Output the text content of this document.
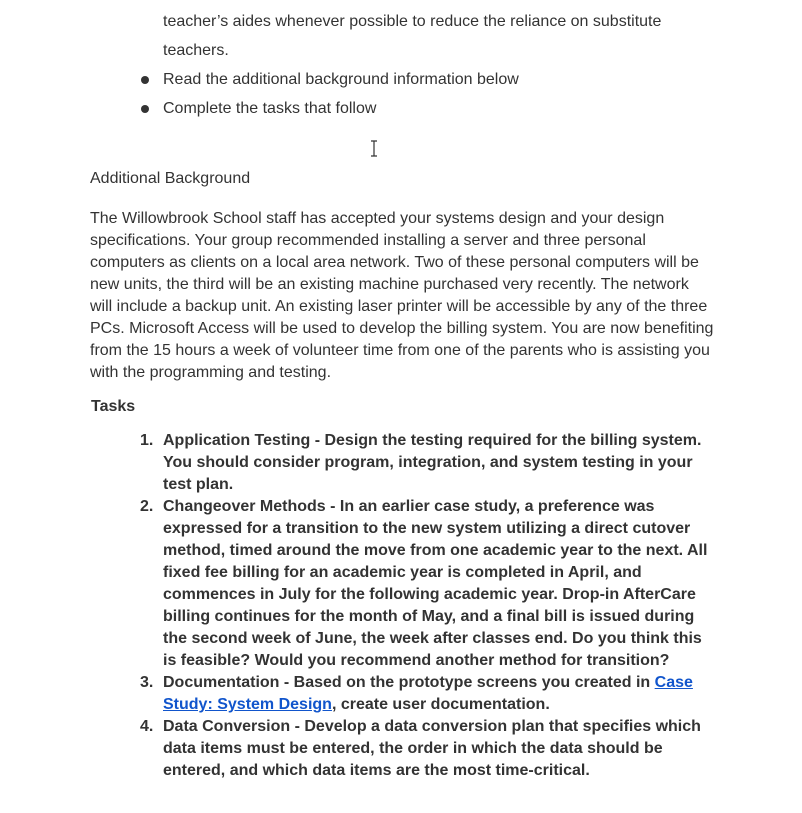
teacher’s aides whenever possible to reduce the reliance on substitute teachers.
Read the additional background information below
Complete the tasks that follow
Additional Background
The Willowbrook School staff has accepted your systems design and your design specifications. Your group recommended installing a server and three personal computers as clients on a local area network. Two of these personal computers will be new units, the third will be an existing machine purchased very recently. The network will include a backup unit. An existing laser printer will be accessible by any of the three PCs. Microsoft Access will be used to develop the billing system. You are now benefiting from the 15 hours a week of volunteer time from one of the parents who is assisting you with the programming and testing.
Tasks
1. Application Testing - Design the testing required for the billing system. You should consider program, integration, and system testing in your test plan.
2. Changeover Methods - In an earlier case study, a preference was expressed for a transition to the new system utilizing a direct cutover method, timed around the move from one academic year to the next. All fixed fee billing for an academic year is completed in April, and commences in July for the following academic year. Drop-in AfterCare billing continues for the month of May, and a final bill is issued during the second week of June, the week after classes end. Do you think this is feasible? Would you recommend another method for transition?
3. Documentation - Based on the prototype screens you created in Case Study: System Design, create user documentation.
4. Data Conversion - Develop a data conversion plan that specifies which data items must be entered, the order in which the data should be entered, and which data items are the most time-critical.
